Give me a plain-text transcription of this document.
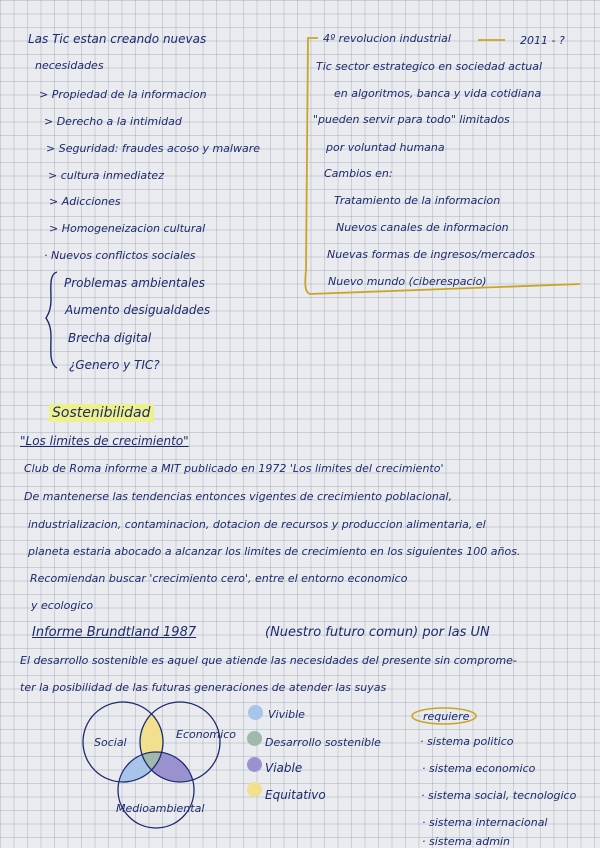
Las Tic estan creando nuevas
necesidades
> Propiedad de la informacion
> Derecho a la intimidad
> Seguridad: fraudes acoso y malware
> cultura inmediatez
> Adicciones
> Homogeneizacion cultural
· Nuevos conflictos sociales
Problemas ambientales
Aumento desigualdades
Brecha digital
¿Genero y TIC?
4º revolucion industrial	2011 - ?
Tic sector estrategico en sociedad actual
en algoritmos, banca y vida cotidiana
"pueden servir para todo" limitados
por voluntad humana
Cambios en:
Tratamiento de la informacion
Nuevos canales de informacion
Nuevas formas de ingresos/mercados
Nuevo mundo (ciberespacio)
Sostenibilidad
"Los limites de crecimiento"
Club de Roma informe a MIT publicado en 1972 'Los limites del crecimiento'
De mantenerse las tendencias entonces vigentes de crecimiento poblacional,
industrializacion, contaminacion, dotacion de recursos y produccion alimentaria, el
planeta estaria abocado a alcanzar los limites de crecimiento en los siguientes 100 años.
Recomiendan buscar 'crecimiento cero', entre el entorno economico
y ecologico
Informe Brundtland 1987	(Nuestro futuro comun) por las UN
El desarrollo sostenible es aquel que atiende las necesidades del presente sin comprome-
ter la posibilidad de las futuras generaciones de atender las suyas
Social
Economico
Medioambiental
Vivible
Desarrollo sostenible
Viable
Equitativo
requiere
· sistema politico
· sistema economico
· sistema social, tecnologico
· sistema internacional
· sistema admin
